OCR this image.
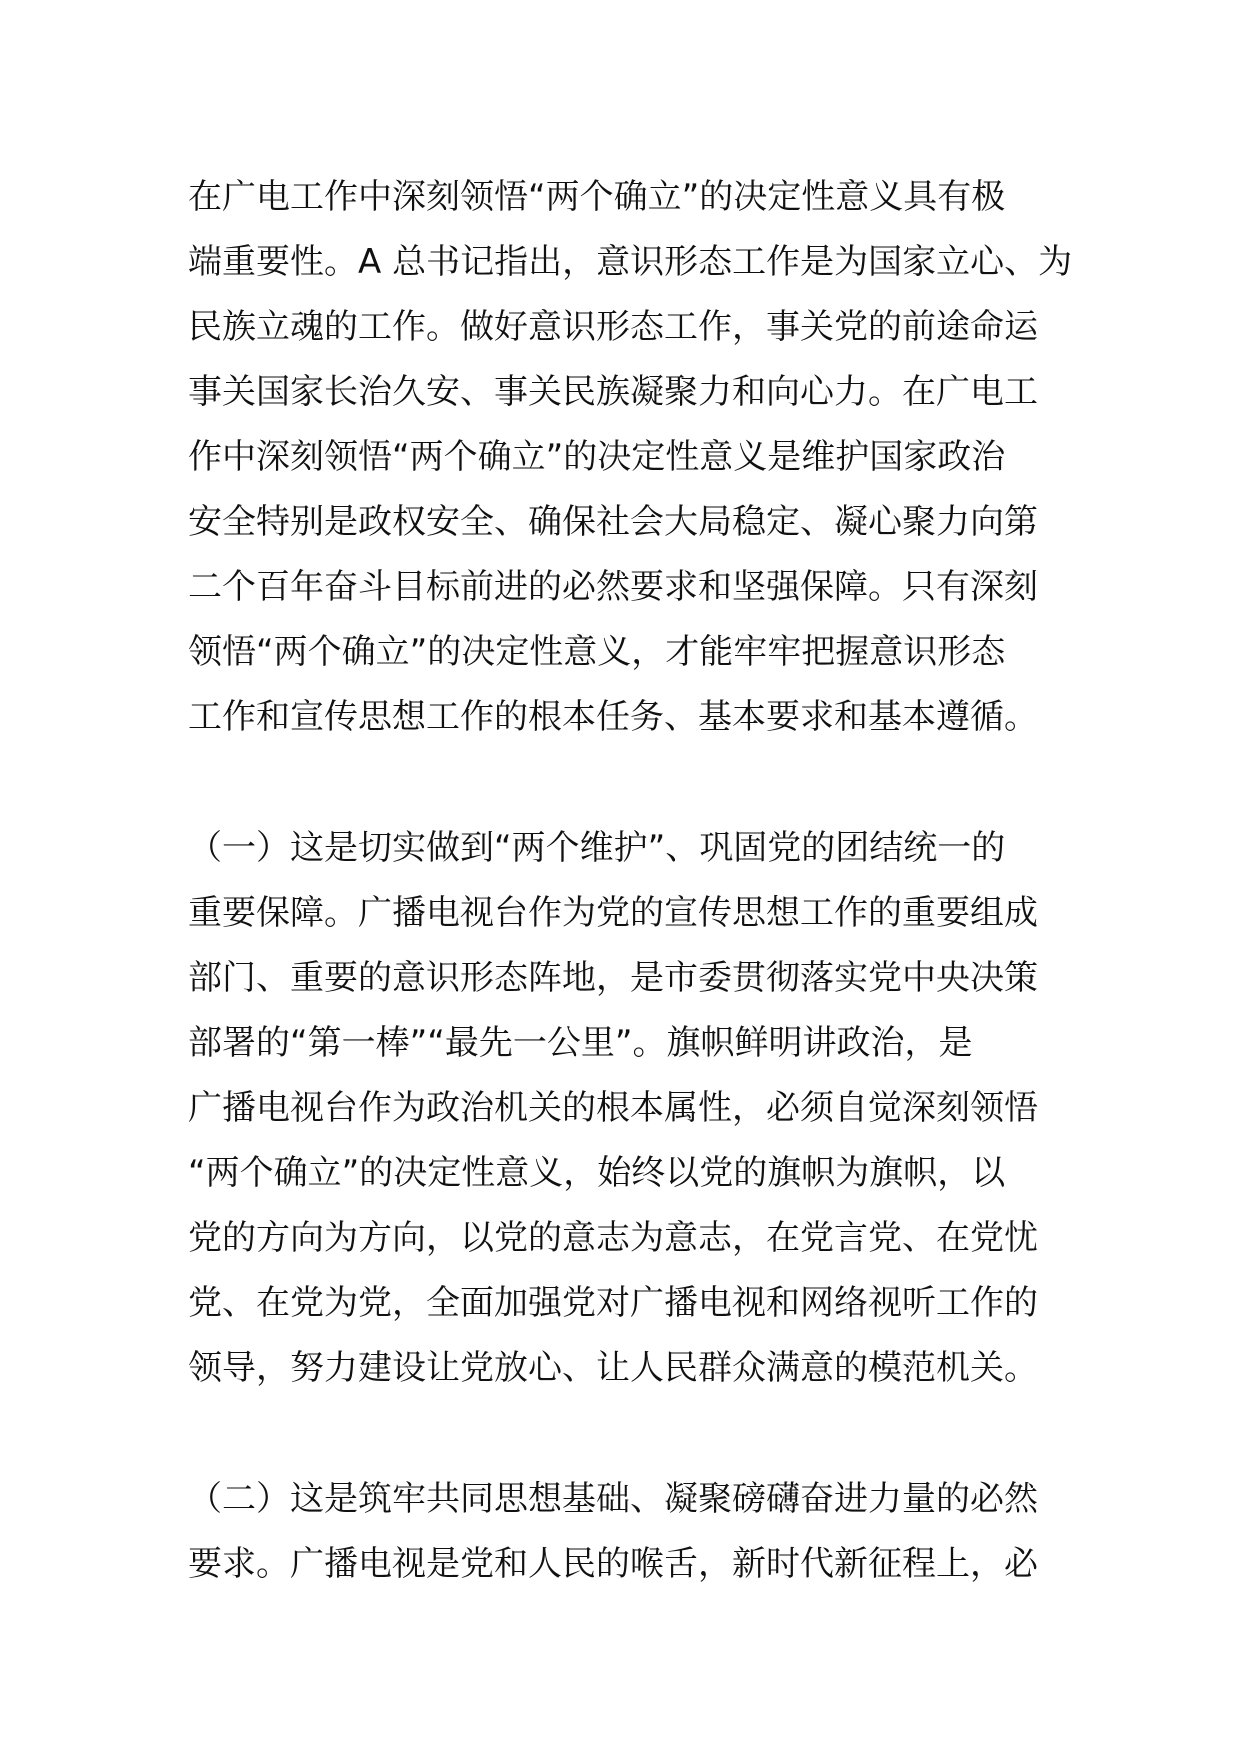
在广电工作中深刻领悟“两个确立”的决定性意义具有极
端重要性。A 总书记指出，意识形态工作是为国家立心、为
民族立魂的工作。做好意识形态工作，事关党的前途命运
事关国家长治久安、事关民族凝聚力和向心力。在广电工
作中深刻领悟“两个确立”的决定性意义是维护国家政治
安全特别是政权安全、确保社会大局稳定、凝心聚力向第
二个百年奋斗目标前进的必然要求和坚强保障。只有深刻
领悟“两个确立”的决定性意义，才能牢牢把握意识形态
工作和宣传思想工作的根本任务、基本要求和基本遵循。
（一）这是切实做到“两个维护”、巩固党的团结统一的
重要保障。广播电视台作为党的宣传思想工作的重要组成
部门、重要的意识形态阵地，是市委贯彻落实党中央决策
部署的“第一棒”“最先一公里”。旗帜鲜明讲政治，是
广播电视台作为政治机关的根本属性，必须自觉深刻领悟
“两个确立”的决定性意义，始终以党的旗帜为旗帜，以
党的方向为方向，以党的意志为意志，在党言党、在党忧
党、在党为党，全面加强党对广播电视和网络视听工作的
领导，努力建设让党放心、让人民群众满意的模范机关。
（二）这是筑牢共同思想基础、凝聚磅礴奋进力量的必然
要求。广播电视是党和人民的喉舌，新时代新征程上，必
